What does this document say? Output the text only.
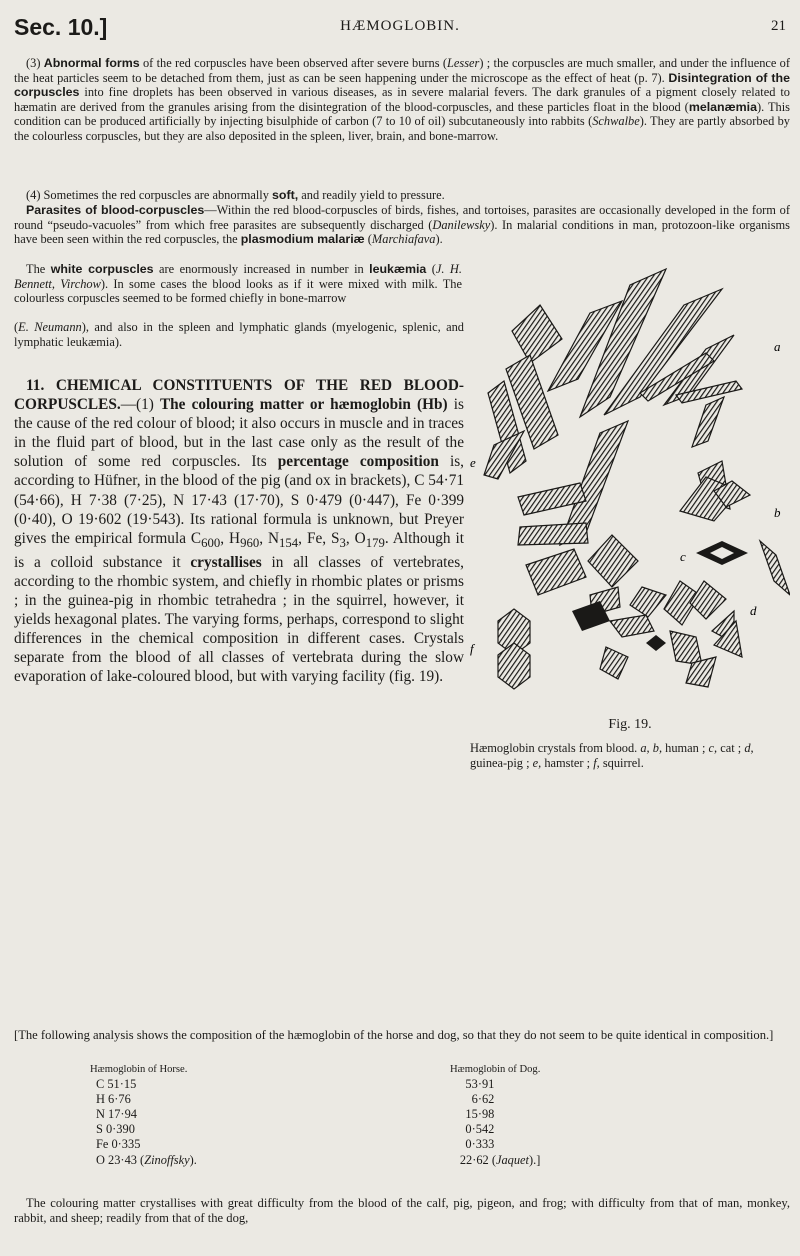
Sec. 10.]	HÆMOGLOBIN.	21

(3) Abnormal forms of the red corpuscles have been observed after severe burns (Lesser) ; the corpuscles are much smaller, and under the influence of the heat particles seem to be detached from them, just as can be seen happening under the microscope as the effect of heat (p. 7). Disintegration of the corpuscles into fine droplets has been observed in various diseases, as in severe malarial fevers. The dark granules of a pigment closely related to hæmatin are derived from the granules arising from the disintegration of the blood-corpuscles, and these particles float in the blood (melanæmia). This condition can be produced artificially by injecting bisulphide of carbon (7 to 10 of oil) subcutaneously into rabbits (Schwalbe). They are partly absorbed by the colourless corpuscles, but they are also deposited in the spleen, liver, brain, and bone-marrow.

(4) Sometimes the red corpuscles are abnormally soft, and readily yield to pressure.

Parasites of blood-corpuscles—Within the red blood-corpuscles of birds, fishes, and tortoises, parasites are occasionally developed in the form of round “pseudo-vacuoles” from which free parasites are subsequently discharged (Danilewsky). In malarial conditions in man, protozoon-like organisms have been seen within the red corpuscles, the plasmodium malariæ (Marchiafava).

The white corpuscles are enormously increased in number in leukæmia (J. H. Bennett, Virchow). In some cases the blood looks as if it were mixed with milk. The colourless corpuscles seemed to be formed chiefly in bone-marrow

(E. Neumann), and also in the spleen and lymphatic glands (myelogenic, splenic, and lymphatic leukæmia).

11. CHEMICAL CONSTITUENTS OF THE RED BLOOD-CORPUSCLES.—(1) The colouring matter or hæmoglobin (Hb) is the cause of the red colour of blood; it also occurs in muscle and in traces in the fluid part of blood, but in the last case only as the result of the solution of some red corpuscles. Its percentage composition is, according to Hüfner, in the blood of the pig (and ox in brackets), C 54·71 (54·66), H 7·38 (7·25), N 17·43 (17·70), S 0·479 (0·447), Fe 0·399 (0·40), O 19·602 (19·543). Its rational formula is unknown, but Preyer gives the empirical formula $C_{600}$, $H_{960}$, $N_{154}$, Fe, $S_3$, $O_{179}$. Although it is a colloid substance it crystallises in all classes of vertebrates, according to the rhombic system, and chiefly in rhombic plates or prisms ; in the guinea-pig in rhombic tetrahedra ; in the squirrel, however, it yields hexagonal plates. The varying forms, perhaps, correspond to slight differences in the chemical composition in different cases. Crystals separate from the blood of all classes of vertebrata during the slow evaporation of lake-coloured blood, but with varying facility (fig. 19).

a
b
c
d
e
f
Fig. 19.
Hæmoglobin crystals from blood. a, b, human ; c, cat ; d, guinea-pig ; e, hamster ; f, squirrel.

[The following analysis shows the composition of the hæmoglobin of the horse and dog, so that they do not seem to be quite identical in composition.]

Hæmoglobin of Horse.
C 51·15
H 6·76
N 17·94
S 0·390
Fe 0·335
O 23·43 (Zinoffsky).
Hæmoglobin of Dog.
53·91
6·62
15·98
0·542
0·333
22·62 (Jaquet).]

The colouring matter crystallises with great difficulty from the blood of the calf, pig, pigeon, and frog; with difficulty from that of man, monkey, rabbit, and sheep; readily from that of the dog,
